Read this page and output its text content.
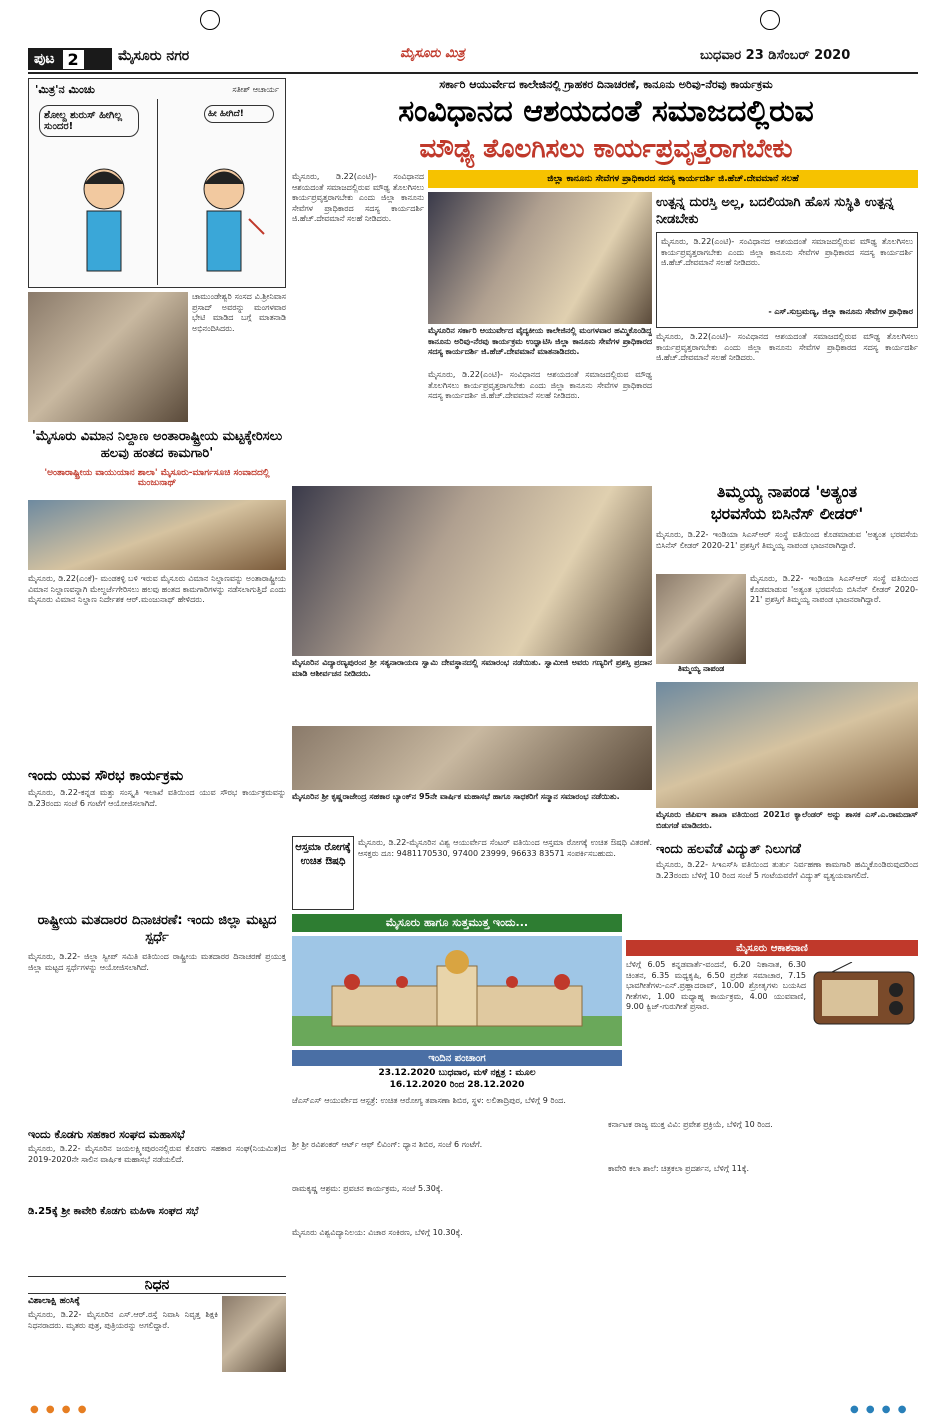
ಪುಟ 2	ಮೈಸೂರು ನಗರ	ಮೈಸೂರು ಮಿತ್ರ	ಬುಧವಾರ 23 ಡಿಸೆಂಬರ್ 2020
'ಮಿತ್ರ'ನ ಮಿಂಚು	ಸತೀಶ್ ಆಚಾರ್ಯ
ಶೋಲ್ದ ಶುರುಸ್ ಹೀಗಿಲ್ಲ ಸುಂದರ!
ಹೀ ಹೀಗಿದೆ!
ಚಾಮುಂಡೇಶ್ವರಿ ಸಂಸದ ವಿ.ಶ್ರೀನಿವಾಸ ಪ್ರಸಾದ್ ಅವರನ್ನು ಮಂಗಳವಾರ ಭೇಟಿ ಮಾಡಿದ ಬಗ್ಗೆ ಮಾತನಾಡಿ ಅಭಿನಂದಿಸಿದರು.
'ಮೈಸೂರು ವಿಮಾನ ನಿಲ್ದಾಣ ಅಂತಾರಾಷ್ಟ್ರೀಯ ಮಟ್ಟಕ್ಕೇರಿಸಲು ಹಲವು ಹಂತದ ಕಾಮಗಾರಿ'
'ಅಂತಾರಾಷ್ಟ್ರೀಯ ವಾಯುಯಾನ ಶಾಲಾ' ಮೈಸೂರು-ಮಾರ್ಗಸೂಚಿ ಸಂವಾದದಲ್ಲಿ ಮಂಜುನಾಥ್
ಮೈಸೂರು, ಡಿ.22(ಎಂಕೆ)- ಮಂಡಕಳ್ಳಿ ಬಳಿ ಇರುವ ಮೈಸೂರು ವಿಮಾನ ನಿಲ್ದಾಣವನ್ನು ಅಂತಾರಾಷ್ಟ್ರೀಯ ವಿಮಾನ ನಿಲ್ದಾಣವನ್ನಾಗಿ ಮೇಲ್ದರ್ಜೆಗೇರಿಸಲು ಹಲವು ಹಂತದ ಕಾಮಗಾರಿಗಳನ್ನು ನಡೆಸಲಾಗುತ್ತಿದೆ ಎಂದು ಮೈಸೂರು ವಿಮಾನ ನಿಲ್ದಾಣ ನಿರ್ದೇಶಕ ಆರ್.ಮಂಜುನಾಥ್ ಹೇಳಿದರು.
ಇಂದು ಯುವ ಸೌರಭ ಕಾರ್ಯಕ್ರಮ
ಮೈಸೂರು, ಡಿ.22-ಕನ್ನಡ ಮತ್ತು ಸಂಸ್ಕೃತಿ ಇಲಾಖೆ ವತಿಯಿಂದ ಯುವ ಸೌರಭ ಕಾರ್ಯಕ್ರಮವನ್ನು ಡಿ.23ರಂದು ಸಂಜೆ 6 ಗಂಟೆಗೆ ಆಯೋಜಿಸಲಾಗಿದೆ.
ರಾಷ್ಟ್ರೀಯ ಮತದಾರರ ದಿನಾಚರಣೆ: ಇಂದು ಜಿಲ್ಲಾ ಮಟ್ಟದ ಸ್ಪರ್ಧೆ
ಮೈಸೂರು, ಡಿ.22- ಜಿಲ್ಲಾ ಸ್ವೀಪ್ ಸಮಿತಿ ವತಿಯಿಂದ ರಾಷ್ಟ್ರೀಯ ಮತದಾರರ ದಿನಾಚರಣೆ ಪ್ರಯುಕ್ತ ಜಿಲ್ಲಾ ಮಟ್ಟದ ಸ್ಪರ್ಧೆಗಳನ್ನು ಆಯೋಜಿಸಲಾಗಿದೆ.
ಇಂದು ಕೊಡಗು ಸಹಕಾರ ಸಂಘದ ಮಹಾಸಭೆ
ಮೈಸೂರು, ಡಿ.22- ಮೈಸೂರಿನ ಜಯಲಕ್ಷ್ಮೀಪುರಂನಲ್ಲಿರುವ ಕೊಡಗು ಸಹಕಾರ ಸಂಘ(ನಿಯಮಿತ)ದ 2019-2020ನೇ ಸಾಲಿನ ವಾರ್ಷಿಕ ಮಹಾಸಭೆ ನಡೆಯಲಿದೆ.
ಡಿ.25ಕ್ಕೆ ಶ್ರೀ ಕಾವೇರಿ ಕೊಡಗು ಮಹಿಳಾ ಸಂಘದ ಸಭೆ
ನಿಧನ
ವಿಶಾಲಾಕ್ಷಿ ಹಂಸಿಕ್ಕೆ
ಮೈಸೂರು, ಡಿ.22- ಮೈಸೂರಿನ ಎಸ್.ಆರ್.ರಸ್ತೆ ನಿವಾಸಿ ನಿವೃತ್ತ ಶಿಕ್ಷಕಿ ನಿಧನರಾದರು. ಮೃತರು ಪುತ್ರ, ಪುತ್ರಿಯರನ್ನು ಅಗಲಿದ್ದಾರೆ.
ಸರ್ಕಾರಿ ಆಯುರ್ವೇದ ಕಾಲೇಜಿನಲ್ಲಿ ಗ್ರಾಹಕರ ದಿನಾಚರಣೆ, ಕಾನೂನು ಅರಿವು-ನೆರವು ಕಾರ್ಯಕ್ರಮ
ಸಂವಿಧಾನದ ಆಶಯದಂತೆ ಸಮಾಜದಲ್ಲಿರುವ
ಮೌಢ್ಯ ತೊಲಗಿಸಲು ಕಾರ್ಯಪ್ರವೃತ್ತರಾಗಬೇಕು
ಜಿಲ್ಲಾ ಕಾನೂನು ಸೇವೆಗಳ ಪ್ರಾಧಿಕಾರದ ಸದಸ್ಯ ಕಾರ್ಯದರ್ಶಿ ಜಿ.ಹೆಚ್.ದೇವಮಾನೆ ಸಲಹೆ
ಮೈಸೂರು, ಡಿ.22(ಎಂಟಿ)- ಸಂವಿಧಾನದ ಆಶಯದಂತೆ ಸಮಾಜದಲ್ಲಿರುವ ಮೌಢ್ಯ ತೊಲಗಿಸಲು ಕಾರ್ಯಪ್ರವೃತ್ತರಾಗಬೇಕು ಎಂದು ಜಿಲ್ಲಾ ಕಾನೂನು ಸೇವೆಗಳ ಪ್ರಾಧಿಕಾರದ ಸದಸ್ಯ ಕಾರ್ಯದರ್ಶಿ ಜಿ.ಹೆಚ್.ದೇವಮಾನೆ ಸಲಹೆ ನೀಡಿದರು.
ಮೈಸೂರಿನ ಸರ್ಕಾರಿ ಆಯುರ್ವೇದ ವೈದ್ಯಕೀಯ ಕಾಲೇಜಿನಲ್ಲಿ ಮಂಗಳವಾರ ಹಮ್ಮಿಕೊಂಡಿದ್ದ ಕಾನೂನು ಅರಿವು-ನೆರವು ಕಾರ್ಯಕ್ರಮ ಉದ್ಘಾಟಿಸಿ ಜಿಲ್ಲಾ ಕಾನೂನು ಸೇವೆಗಳ ಪ್ರಾಧಿಕಾರದ ಸದಸ್ಯ ಕಾರ್ಯದರ್ಶಿ ಜಿ.ಹೆಚ್.ದೇವಮಾನೆ ಮಾತನಾಡಿದರು.
ಮೈಸೂರು, ಡಿ.22(ಎಂಟಿ)- ಸಂವಿಧಾನದ ಆಶಯದಂತೆ ಸಮಾಜದಲ್ಲಿರುವ ಮೌಢ್ಯ ತೊಲಗಿಸಲು ಕಾರ್ಯಪ್ರವೃತ್ತರಾಗಬೇಕು ಎಂದು ಜಿಲ್ಲಾ ಕಾನೂನು ಸೇವೆಗಳ ಪ್ರಾಧಿಕಾರದ ಸದಸ್ಯ ಕಾರ್ಯದರ್ಶಿ ಜಿ.ಹೆಚ್.ದೇವಮಾನೆ ಸಲಹೆ ನೀಡಿದರು.
ಉತ್ಪನ್ನ ದುರಸ್ತಿ ಅಲ್ಲ, ಬದಲಿಯಾಗಿ ಹೊಸ ಸುಸ್ಥಿತಿ ಉತ್ಪನ್ನ ನೀಡಬೇಕು
ಮೈಸೂರು, ಡಿ.22(ಎಂಟಿ)- ಸಂವಿಧಾನದ ಆಶಯದಂತೆ ಸಮಾಜದಲ್ಲಿರುವ ಮೌಢ್ಯ ತೊಲಗಿಸಲು ಕಾರ್ಯಪ್ರವೃತ್ತರಾಗಬೇಕು ಎಂದು ಜಿಲ್ಲಾ ಕಾನೂನು ಸೇವೆಗಳ ಪ್ರಾಧಿಕಾರದ ಸದಸ್ಯ ಕಾರ್ಯದರ್ಶಿ ಜಿ.ಹೆಚ್.ದೇವಮಾನೆ ಸಲಹೆ ನೀಡಿದರು.
- ಎಸ್.ಸುಬ್ರಮಣ್ಯ, ಜಿಲ್ಲಾ ಕಾನೂನು ಸೇವೆಗಳ ಪ್ರಾಧಿಕಾರ
ಮೈಸೂರು, ಡಿ.22(ಎಂಟಿ)- ಸಂವಿಧಾನದ ಆಶಯದಂತೆ ಸಮಾಜದಲ್ಲಿರುವ ಮೌಢ್ಯ ತೊಲಗಿಸಲು ಕಾರ್ಯಪ್ರವೃತ್ತರಾಗಬೇಕು ಎಂದು ಜಿಲ್ಲಾ ಕಾನೂನು ಸೇವೆಗಳ ಪ್ರಾಧಿಕಾರದ ಸದಸ್ಯ ಕಾರ್ಯದರ್ಶಿ ಜಿ.ಹೆಚ್.ದೇವಮಾನೆ ಸಲಹೆ ನೀಡಿದರು.
ತಿಮ್ಮಯ್ಯ ನಾಪಂಡ 'ಅತ್ಯಂತ
ಭರವಸೆಯ ಬಿಸಿನೆಸ್ ಲೀಡರ್'
ಮೈಸೂರು, ಡಿ.22- ಇಂಡಿಯಾ ಸಿಎಸ್‌ಆರ್ ಸಂಸ್ಥೆ ವತಿಯಿಂದ ಕೊಡಮಾಡುವ 'ಅತ್ಯಂತ ಭರವಸೆಯ ಬಿಸಿನೆಸ್ ಲೀಡರ್ 2020-21' ಪ್ರಶಸ್ತಿಗೆ ತಿಮ್ಮಯ್ಯ ನಾಪಂಡ ಭಾಜನರಾಗಿದ್ದಾರೆ.
ತಿಮ್ಮಯ್ಯ ನಾಪಂಡ
ಮೈಸೂರು, ಡಿ.22- ಇಂಡಿಯಾ ಸಿಎಸ್‌ಆರ್ ಸಂಸ್ಥೆ ವತಿಯಿಂದ ಕೊಡಮಾಡುವ 'ಅತ್ಯಂತ ಭರವಸೆಯ ಬಿಸಿನೆಸ್ ಲೀಡರ್ 2020-21' ಪ್ರಶಸ್ತಿಗೆ ತಿಮ್ಮಯ್ಯ ನಾಪಂಡ ಭಾಜನರಾಗಿದ್ದಾರೆ.
ಮೈಸೂರು ಜಿಪಿಐಇ ಶಾಖಾ ವತಿಯಿಂದ 2021ರ ಕ್ಯಾಲೆಂಡರ್ ಅನ್ನು ಶಾಸಕ ಎಸ್.ಎ.ರಾಮದಾಸ್ ಬಿಡುಗಡೆ ಮಾಡಿದರು.
ಇಂದು ಹಲವೆಡೆ ವಿದ್ಯುತ್ ನಿಲುಗಡೆ
ಮೈಸೂರು, ಡಿ.22- ಸಿಇಎಸ್‌ಸಿ ವತಿಯಿಂದ ತುರ್ತು ನಿರ್ವಹಣಾ ಕಾಮಗಾರಿ ಹಮ್ಮಿಕೊಂಡಿರುವುದರಿಂದ ಡಿ.23ರಂದು ಬೆಳಿಗ್ಗೆ 10 ರಿಂದ ಸಂಜೆ 5 ಗಂಟೆಯವರೆಗೆ ವಿದ್ಯುತ್ ವ್ಯತ್ಯಯವಾಗಲಿದೆ.
ಮೈಸೂರಿನ ವಿದ್ಯಾರಣ್ಯಪುರಂನ ಶ್ರೀ ಸತ್ಯನಾರಾಯಣ ಸ್ವಾಮಿ ದೇವಸ್ಥಾನದಲ್ಲಿ ಸಮಾರಂಭ ನಡೆಯಿತು. ಸ್ವಾಮೀಜಿ ಅವರು ಗಣ್ಯರಿಗೆ ಪ್ರಶಸ್ತಿ ಪ್ರದಾನ ಮಾಡಿ ಆಶೀರ್ವಚನ ನೀಡಿದರು.
ಮೈಸೂರಿನ ಶ್ರೀ ಕೃಷ್ಣರಾಜೇಂದ್ರ ಸಹಕಾರ ಬ್ಯಾಂಕ್‌ನ 95ನೇ ವಾರ್ಷಿಕ ಮಹಾಸಭೆ ಹಾಗೂ ಸಾಧಕರಿಗೆ ಸನ್ಮಾನ ಸಮಾರಂಭ ನಡೆಯಿತು.
ಆಸ್ತಮಾ ರೋಗಕ್ಕೆ ಉಚಿತ ಔಷಧಿ
ಮೈಸೂರು, ಡಿ.22-ಮೈಸೂರಿನ ವಿಶ್ವ ಆಯುರ್ವೇದ ಸೆಂಟರ್ ವತಿಯಿಂದ ಆಸ್ತಮಾ ರೋಗಕ್ಕೆ ಉಚಿತ ಔಷಧಿ ವಿತರಣೆ. ಆಸಕ್ತರು ದೂ: 9481170530, 97400 23999, 96633 83571 ಸಂಪರ್ಕಿಸಬಹುದು.
ಮೈಸೂರು ಹಾಗೂ ಸುತ್ತಮುತ್ತ ಇಂದು...
ಇಂದಿನ ಪಂಚಾಂಗ
23.12.2020 ಬುಧವಾರ, ಮಳೆ ನಕ್ಷತ್ರ : ಮೂಲ
16.12.2020 ರಿಂದ 28.12.2020
ಮೈಸೂರು ಆಕಾಶವಾಣಿ
ಬೆಳಿಗ್ಗೆ 6.05 ಕನ್ನಡವಾರ್ತೆ-ವಂದನೆ, 6.20 ನಿಕಾನಾತ, 6.30 ಚಿಂತನ, 6.35 ಮಧ್ಯಕೃಷಿ, 6.50 ಪ್ರದೇಶ ಸಮಾಚಾರ, 7.15 ಭಾವಗೀತೆಗಳು-ಎನ್.ಪ್ರಹ್ಲಾದರಾವ್, 10.00 ಶ್ರೋತೃಗಳು ಬಯಸಿದ ಗೀತೆಗಳು, 1.00 ಮಧ್ಯಾಹ್ನ ಕಾರ್ಯಕ್ರಮ, 4.00 ಯುವವಾಣಿ, 9.00 ಕ್ವಿಜ್-ಗುರುಗೀತೆ ಪ್ರಸಾರ.
ಜೆಎಸ್‌ಎಸ್ ಆಯುರ್ವೇದ ಆಸ್ಪತ್ರೆ: ಉಚಿತ ಆರೋಗ್ಯ ತಪಾಸಣಾ ಶಿಬಿರ, ಸ್ಥಳ: ಲಲಿತಾದ್ರಿಪುರ, ಬೆಳಿಗ್ಗೆ 9 ರಿಂದ.
ಶ್ರೀ ಶ್ರೀ ರವಿಶಂಕರ್ ಆರ್ಟ್ ಆಫ್ ಲಿವಿಂಗ್: ಧ್ಯಾನ ಶಿಬಿರ, ಸಂಜೆ 6 ಗಂಟೆಗೆ.
ರಾಮಕೃಷ್ಣ ಆಶ್ರಮ: ಪ್ರವಚನ ಕಾರ್ಯಕ್ರಮ, ಸಂಜೆ 5.30ಕ್ಕೆ.
ಮೈಸೂರು ವಿಶ್ವವಿದ್ಯಾನಿಲಯ: ವಿಚಾರ ಸಂಕಿರಣ, ಬೆಳಿಗ್ಗೆ 10.30ಕ್ಕೆ.
ಕರ್ನಾಟಕ ರಾಜ್ಯ ಮುಕ್ತ ವಿವಿ: ಪ್ರವೇಶ ಪ್ರಕ್ರಿಯೆ, ಬೆಳಿಗ್ಗೆ 10 ರಿಂದ.
ಕಾವೇರಿ ಕಲಾ ಶಾಲೆ: ಚಿತ್ರಕಲಾ ಪ್ರದರ್ಶನ, ಬೆಳಿಗ್ಗೆ 11ಕ್ಕೆ.
● ● ● ●	● ● ● ●
